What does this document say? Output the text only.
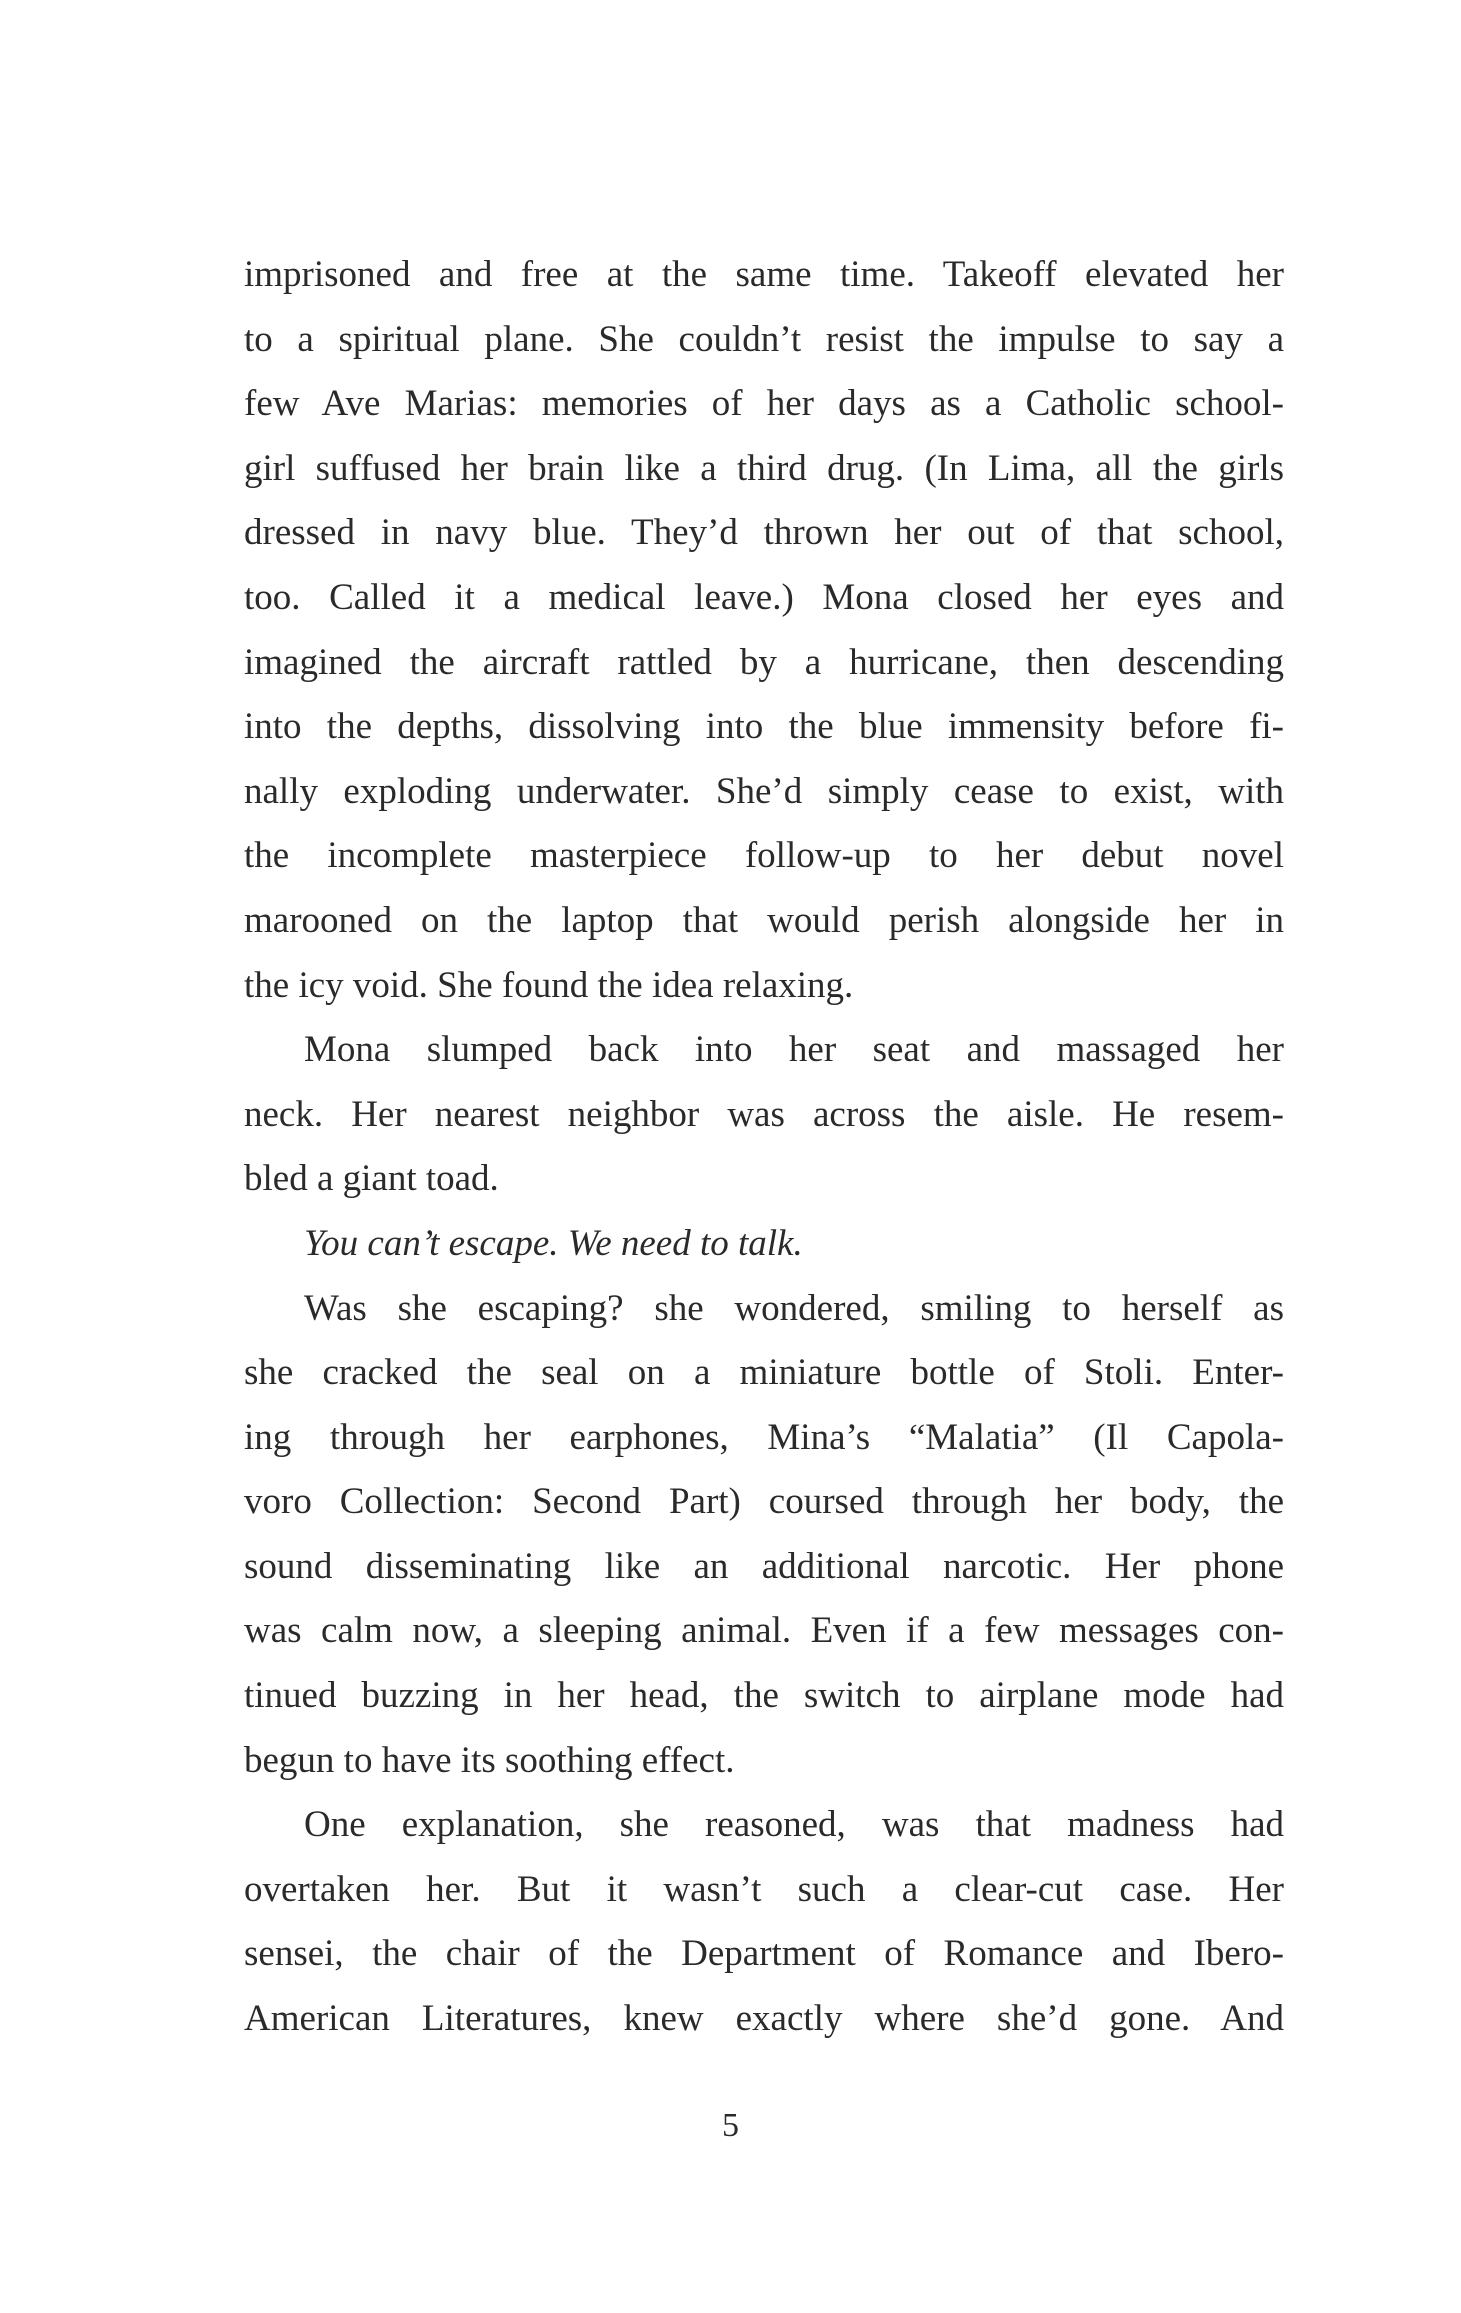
imprisoned and free at the same time. Takeoff elevated her
to a spiritual plane. She couldn’t resist the impulse to say a
few Ave Marias: memories of her days as a Catholic school-
girl suffused her brain like a third drug. (In Lima, all the girls
dressed in navy blue. They’d thrown her out of that school,
too. Called it a medical leave.) Mona closed her eyes and
imagined the aircraft rattled by a hurricane, then descending
into the depths, dissolving into the blue immensity before fi-
nally exploding underwater. She’d simply cease to exist, with
the incomplete masterpiece follow-up to her debut novel
marooned on the laptop that would perish alongside her in
the icy void. She found the idea relaxing.
Mona slumped back into her seat and massaged her
neck. Her nearest neighbor was across the aisle. He resem-
bled a giant toad.
You can’t escape. We need to talk.
Was she escaping? she wondered, smiling to herself as
she cracked the seal on a miniature bottle of Stoli. Enter-
ing through her earphones, Mina’s “Malatia” (Il Capola-
voro Collection: Second Part) coursed through her body, the
sound disseminating like an additional narcotic. Her phone
was calm now, a sleeping animal. Even if a few messages con-
tinued buzzing in her head, the switch to airplane mode had
begun to have its soothing effect.
One explanation, she reasoned, was that madness had
overtaken her. But it wasn’t such a clear-cut case. Her
sensei, the chair of the Department of Romance and Ibero-
American Literatures, knew exactly where she’d gone. And
5
